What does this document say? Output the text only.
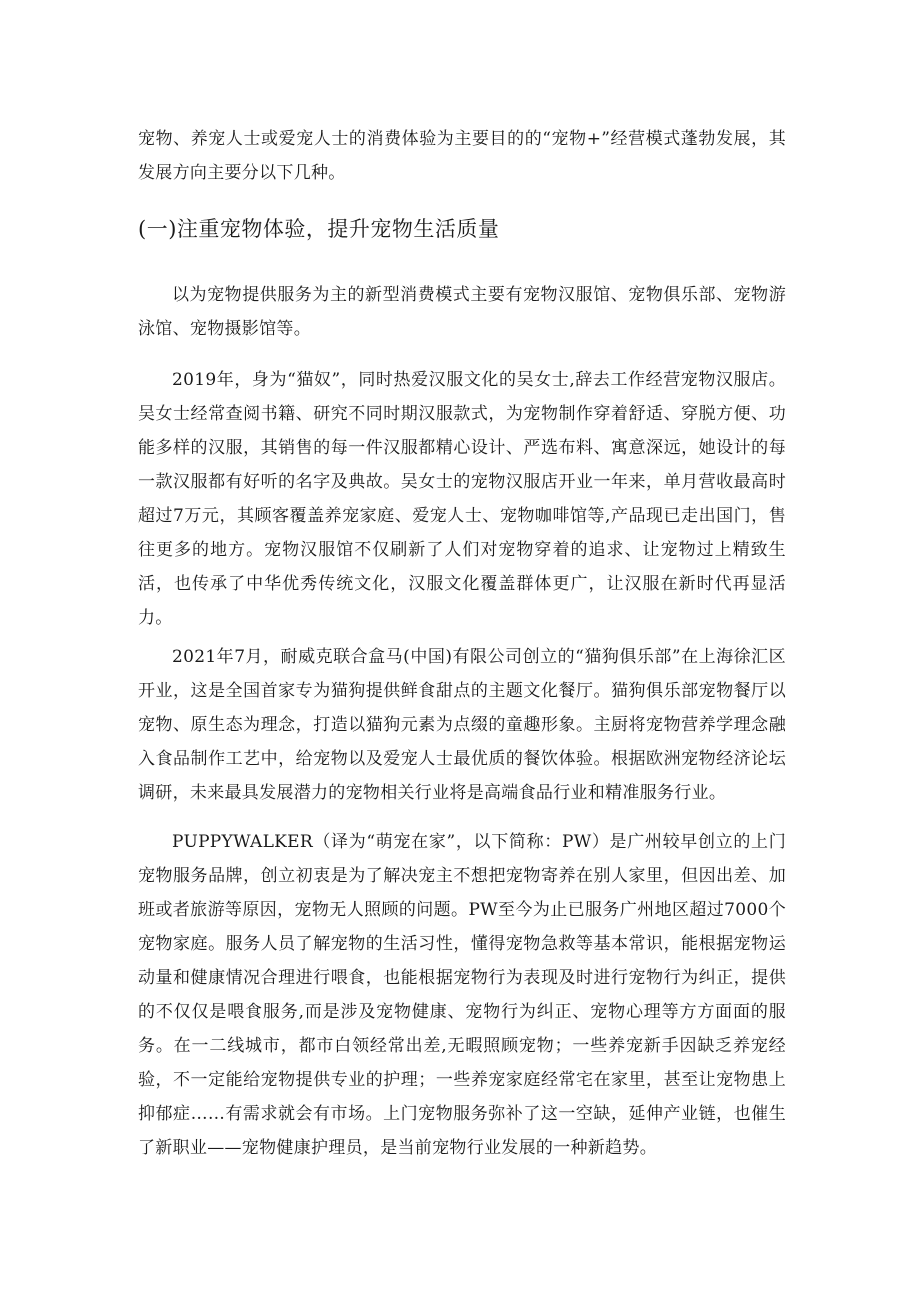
宠物、养宠人士或爱宠人士的消费体验为主要目的的“宠物+”经营模式蓬勃发展，其发展方向主要分以下几种。

(一)注重宠物体验，提升宠物生活质量

以为宠物提供服务为主的新型消费模式主要有宠物汉服馆、宠物俱乐部、宠物游泳馆、宠物摄影馆等。

2019年，身为“猫奴”，同时热爱汉服文化的吴女士,辞去工作经营宠物汉服店。吴女士经常查阅书籍、研究不同时期汉服款式，为宠物制作穿着舒适、穿脱方便、功能多样的汉服，其销售的每一件汉服都精心设计、严选布料、寓意深远，她设计的每一款汉服都有好听的名字及典故。吴女士的宠物汉服店开业一年来，单月营收最高时超过7万元，其顾客覆盖养宠家庭、爱宠人士、宠物咖啡馆等,产品现已走出国门，售往更多的地方。宠物汉服馆不仅刷新了人们对宠物穿着的追求、让宠物过上精致生活，也传承了中华优秀传统文化，汉服文化覆盖群体更广，让汉服在新时代再显活力。

2021年7月，耐威克联合盒马(中国)有限公司创立的“猫狗俱乐部”在上海徐汇区开业，这是全国首家专为猫狗提供鲜食甜点的主题文化餐厅。猫狗俱乐部宠物餐厅以宠物、原生态为理念，打造以猫狗元素为点缀的童趣形象。主厨将宠物营养学理念融入食品制作工艺中，给宠物以及爱宠人士最优质的餐饮体验。根据欧洲宠物经济论坛调研，未来最具发展潜力的宠物相关行业将是高端食品行业和精准服务行业。

PUPPYWALKER（译为“萌宠在家”，以下简称：PW）是广州较早创立的上门宠物服务品牌，创立初衷是为了解决宠主不想把宠物寄养在别人家里，但因出差、加班或者旅游等原因，宠物无人照顾的问题。PW至今为止已服务广州地区超过7000个宠物家庭。服务人员了解宠物的生活习性，懂得宠物急救等基本常识，能根据宠物运动量和健康情况合理进行喂食，也能根据宠物行为表现及时进行宠物行为纠正，提供的不仅仅是喂食服务,而是涉及宠物健康、宠物行为纠正、宠物心理等方方面面的服务。在一二线城市，都市白领经常出差,无暇照顾宠物；一些养宠新手因缺乏养宠经验，不一定能给宠物提供专业的护理；一些养宠家庭经常宅在家里，甚至让宠物患上抑郁症……有需求就会有市场。上门宠物服务弥补了这一空缺，延伸产业链，也催生了新职业——宠物健康护理员，是当前宠物行业发展的一种新趋势。
